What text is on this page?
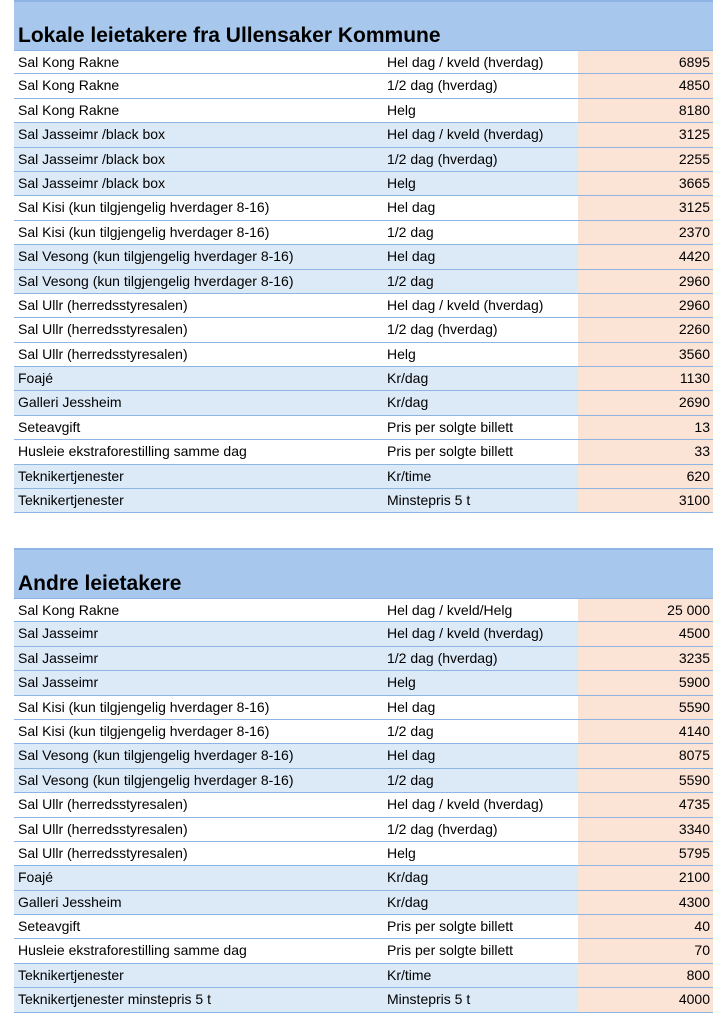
Lokale leietakere fra Ullensaker Kommune
Sal Kong Rakne	Hel dag / kveld (hverdag)	6895
Sal Kong Rakne	1/2 dag (hverdag)	4850
Sal Kong Rakne	Helg	8180
Sal Jasseimr /black box	Hel dag / kveld (hverdag)	3125
Sal Jasseimr /black box	1/2 dag (hverdag)	2255
Sal Jasseimr /black box	Helg	3665
Sal Kisi (kun tilgjengelig hverdager 8-16)	Hel dag	3125
Sal Kisi (kun tilgjengelig hverdager 8-16)	1/2 dag	2370
Sal Vesong (kun tilgjengelig hverdager 8-16)	Hel dag	4420
Sal Vesong (kun tilgjengelig hverdager 8-16)	1/2 dag	2960
Sal Ullr (herredsstyresalen)	Hel dag / kveld (hverdag)	2960
Sal Ullr (herredsstyresalen)	1/2 dag (hverdag)	2260
Sal Ullr (herredsstyresalen)	Helg	3560
Foajé	Kr/dag	1130
Galleri Jessheim	Kr/dag	2690
Seteavgift	Pris per solgte billett	13
Husleie ekstraforestilling samme dag	Pris per solgte billett	33
Teknikertjenester	Kr/time	620
Teknikertjenester	Minstepris 5 t	3100
Andre leietakere
Sal Kong Rakne	Hel dag / kveld/Helg	25 000
Sal Jasseimr	Hel dag / kveld (hverdag)	4500
Sal Jasseimr	1/2 dag (hverdag)	3235
Sal Jasseimr	Helg	5900
Sal Kisi (kun tilgjengelig hverdager 8-16)	Hel dag	5590
Sal Kisi (kun tilgjengelig hverdager 8-16)	1/2 dag	4140
Sal Vesong (kun tilgjengelig hverdager 8-16)	Hel dag	8075
Sal Vesong (kun tilgjengelig hverdager 8-16)	1/2 dag	5590
Sal Ullr (herredsstyresalen)	Hel dag / kveld (hverdag)	4735
Sal Ullr (herredsstyresalen)	1/2 dag (hverdag)	3340
Sal Ullr (herredsstyresalen)	Helg	5795
Foajé	Kr/dag	2100
Galleri Jessheim	Kr/dag	4300
Seteavgift	Pris per solgte billett	40
Husleie ekstraforestilling samme dag	Pris per solgte billett	70
Teknikertjenester	Kr/time	800
Teknikertjenester minstepris 5 t	Minstepris 5 t	4000
